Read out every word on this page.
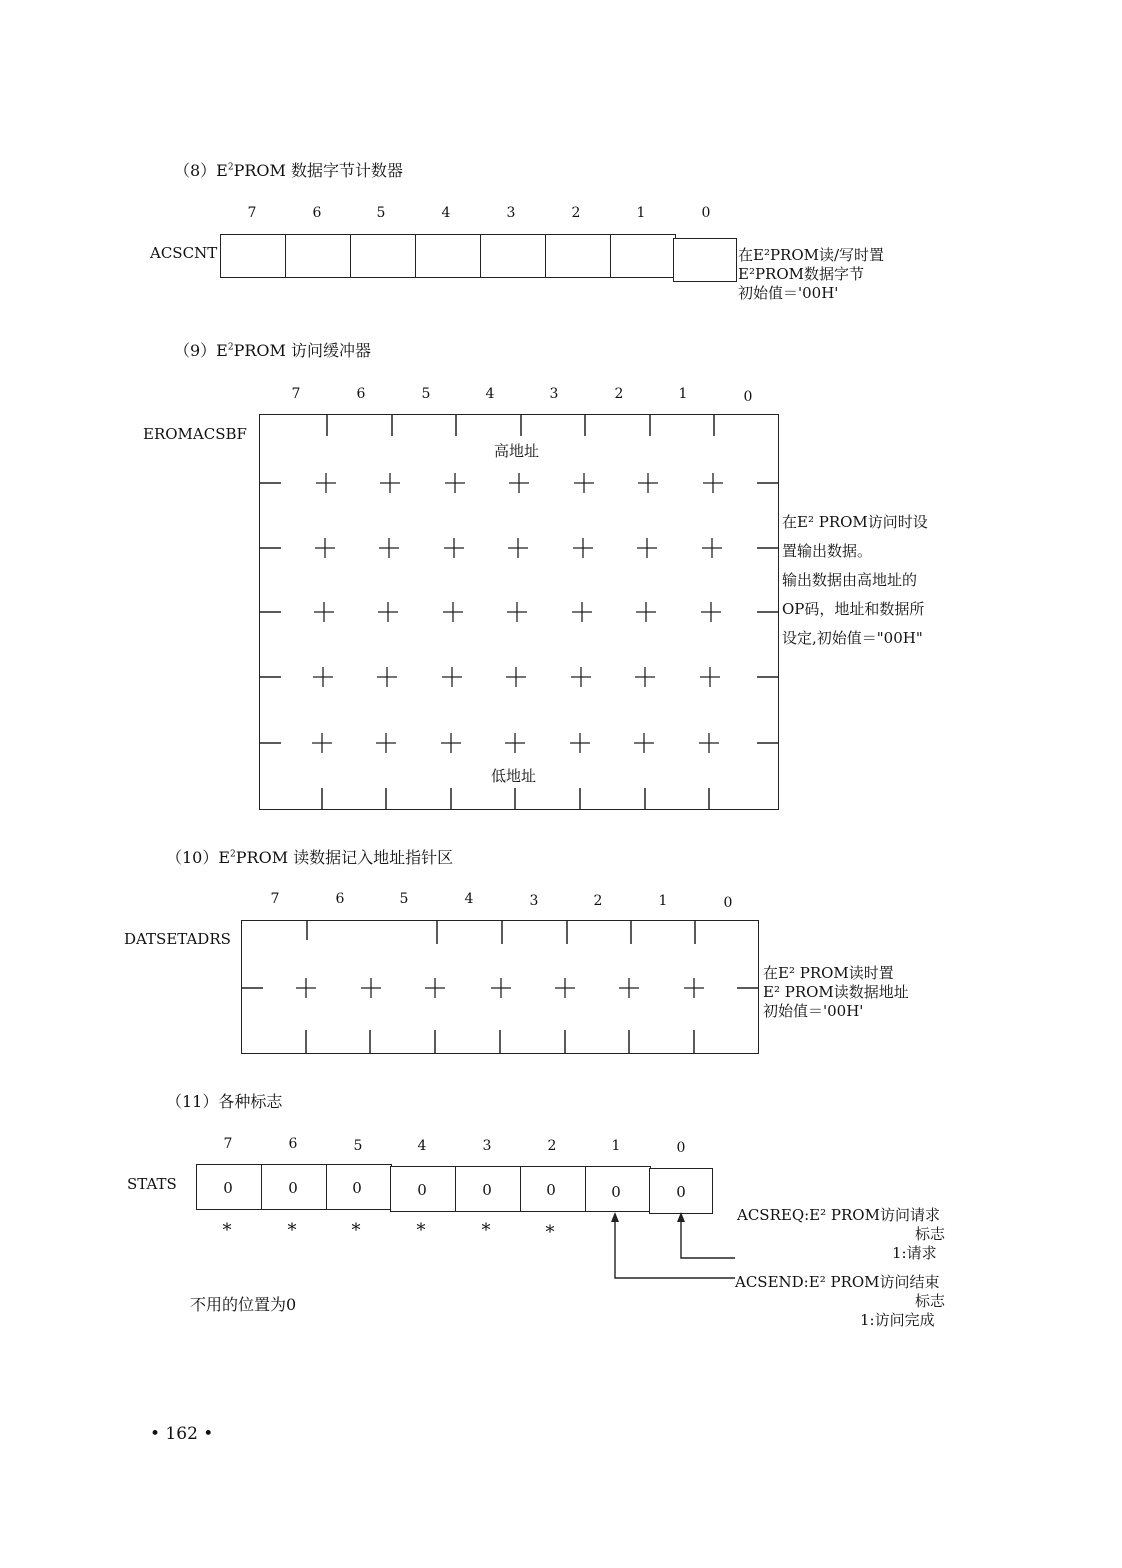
$(8)E^2PROM$ 数据字节计数器
7	6	5	4	3	2	1	0
ACSCNT	在E²PROM读/写时置
E²PROM数据字节
初始值＝'00H'
$(9)E^2PROM$ 访问缓冲器
7	6	5	4	3	2	1	0
EROMACSBF
高地址
低地址
在E² PROM访问时设
置输出数据。
输出数据由高地址的
OP码，地址和数据所
设定,初始值＝"00H"
$(10)E^2PROM$ 读数据记入地址指针区
7	6	5	4	3	2	1	0
DATSETADRS
在E² PROM读时置
E² PROM读数据地址
初始值＝'00H'
（11）各种标志
7	6	5	4	3	2	1	0
STATS	0	0	0	0	0	0	0	0
*	*	*	*	*	*
ACSREQ:E² PROM访问请求
标志
1:请求
ACSEND:E² PROM访问结束
标志
1:访问完成
不用的位置为0
• 162 •
